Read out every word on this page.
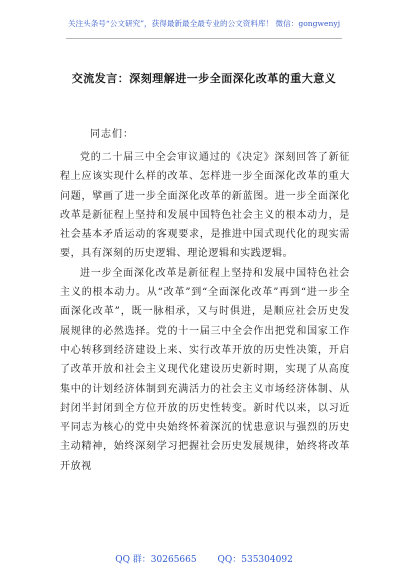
关注头条号“公文研究”，获得最新最全最专业的公文资料库！ 微信：gongwenyj
交流发言：深刻理解进一步全面深化改革的重大意义
同志们：

党的二十届三中全会审议通过的《决定》深刻回答了新征程上应该实现什么样的改革、怎样进一步全面深化改革的重大问题，擘画了进一步全面深化改革的新蓝图。进一步全面深化改革是新征程上坚持和发展中国特色社会主义的根本动力，是社会基本矛盾运动的客观要求，是推进中国式现代化的现实需要，具有深刻的历史逻辑、理论逻辑和实践逻辑。

进一步全面深化改革是新征程上坚持和发展中国特色社会主义的根本动力。从“改革”到“全面深化改革”再到“进一步全面深化改革”，既一脉相承，又与时俱进，是顺应社会历史发展规律的必然选择。党的十一届三中全会作出把党和国家工作中心转移到经济建设上来、实行改革开放的历史性决策，开启了改革开放和社会主义现代化建设历史新时期，实现了从高度集中的计划经济体制到充满活力的社会主义市场经济体制、从封闭半封闭到全方位开放的历史性转变。新时代以来，以习近平同志为核心的党中央始终怀着深沉的忧患意识与强烈的历史主动精神，始终深刻学习把握社会历史发展规律，始终将改革开放视

QQ 群：30265665 QQ：535304092
